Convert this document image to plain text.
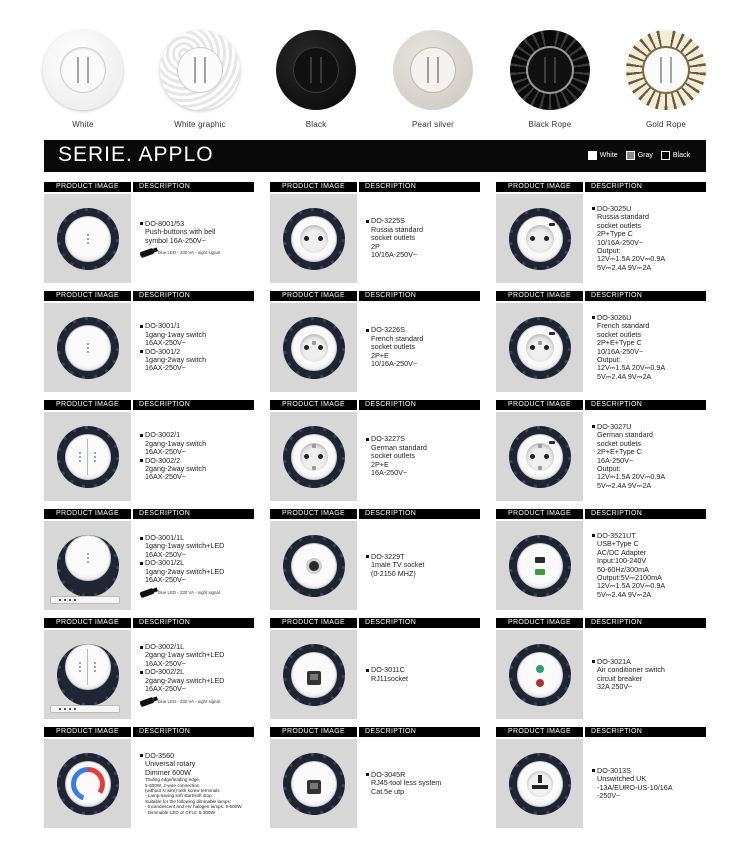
White	White graphic	Black	Pearl silver	Black Rope	Gold Rope
SERIE. APPLO	White	Gray	Black
PRODUCT IMAGE	DESCRIPTION
DO-8001/53
Push-buttons with bell
symbol 16A-250V~
blue LED - 230 VA - night signal
PRODUCT IMAGE	DESCRIPTION
DO-3225S
Russia standard
socket outlets
2P
10/16A-250V~
PRODUCT IMAGE	DESCRIPTION
DO-3025U
Russia standard
socket outlets
2P+Type C
10/16A-250V~
Output:
12V⎓1.5A 20V⎓0.9A
5V⎓2.4A 9V⎓2A
PRODUCT IMAGE	DESCRIPTION
DO-3001/1
1gang-1way switch
16AX-250V~
DO-3001/2
1gang-2way switch
16AX-250V~
PRODUCT IMAGE	DESCRIPTION
DO-3226S
French standard
socket outlets
2P+E
10/16A-250V~
PRODUCT IMAGE	DESCRIPTION
DO-3026U
French standard
socket outlets
2P+E+Type C
10/16A-250V~
Output:
12V⎓1.5A 20V⎓0.9A
5V⎓2.4A 9V⎓2A
PRODUCT IMAGE	DESCRIPTION
DO-3002/1
2gang-1way switch
16AX-250V~
DO-3002/2
2gang-2way switch
16AX-250V~
PRODUCT IMAGE	DESCRIPTION
DO-3227S
German standard
socket outlets
2P+E
16A-250V~
PRODUCT IMAGE	DESCRIPTION
DO-3027U
German standard
socket outlets
2P+E+Type C
16A-250V~
Output:
12V⎓1.5A 20V⎓0.9A
5V⎓2.4A 9V⎓2A
PRODUCT IMAGE	DESCRIPTION
DO-3001/1L
1gang-1way switch+LED
16AX-250V~
DO-3001/2L
1gang-2way switch+LED
16AX-250V~
blue LED - 230 VA - night signal
PRODUCT IMAGE	DESCRIPTION
DO-3229T
1male TV socket
(0-2150 MHZ)
PRODUCT IMAGE	DESCRIPTION
DO-3521UT
USB+Type C
AC/DC Adapter
Input:100-240V
50-60Hz/300mA
Output:5V⎓2100mA
12V⎓1.5A 20V⎓0.9A
5V⎓2.4A 9V⎓2A
PRODUCT IMAGE	DESCRIPTION
DO-3002/1L
2gang-1way switch+LED
16AX-250V~
DO-3002/2L
2gang-2way switch+LED
16AX-250V~
blue LED - 230 VA - night signal
PRODUCT IMAGE	DESCRIPTION
DO-3011C
RJ11socket
PRODUCT IMAGE	DESCRIPTION
DO-3021A
Air conditioner switch
circuit breaker
32A 250V~
PRODUCT IMAGE	DESCRIPTION
DO-3560
Universal rotary
Dimmer 600W
Trailing edge/leading edge,
5-600W, 2-wire connection
(without N wire) with screw terminals
- Lamp-saving soft start/soft stop
Suitable for the following dimmable lamps:
- Incandescent and HV halogen lamps: 5-600W
- Dimmable LED or CFLs: 5-300W
PRODUCT IMAGE	DESCRIPTION
DO-3045R
RJ45-tool less system
Cat.5e utp
PRODUCT IMAGE	DESCRIPTION
DO-3013S
Unswitched UK
-13A/EURO-US-10/16A
-250V~
